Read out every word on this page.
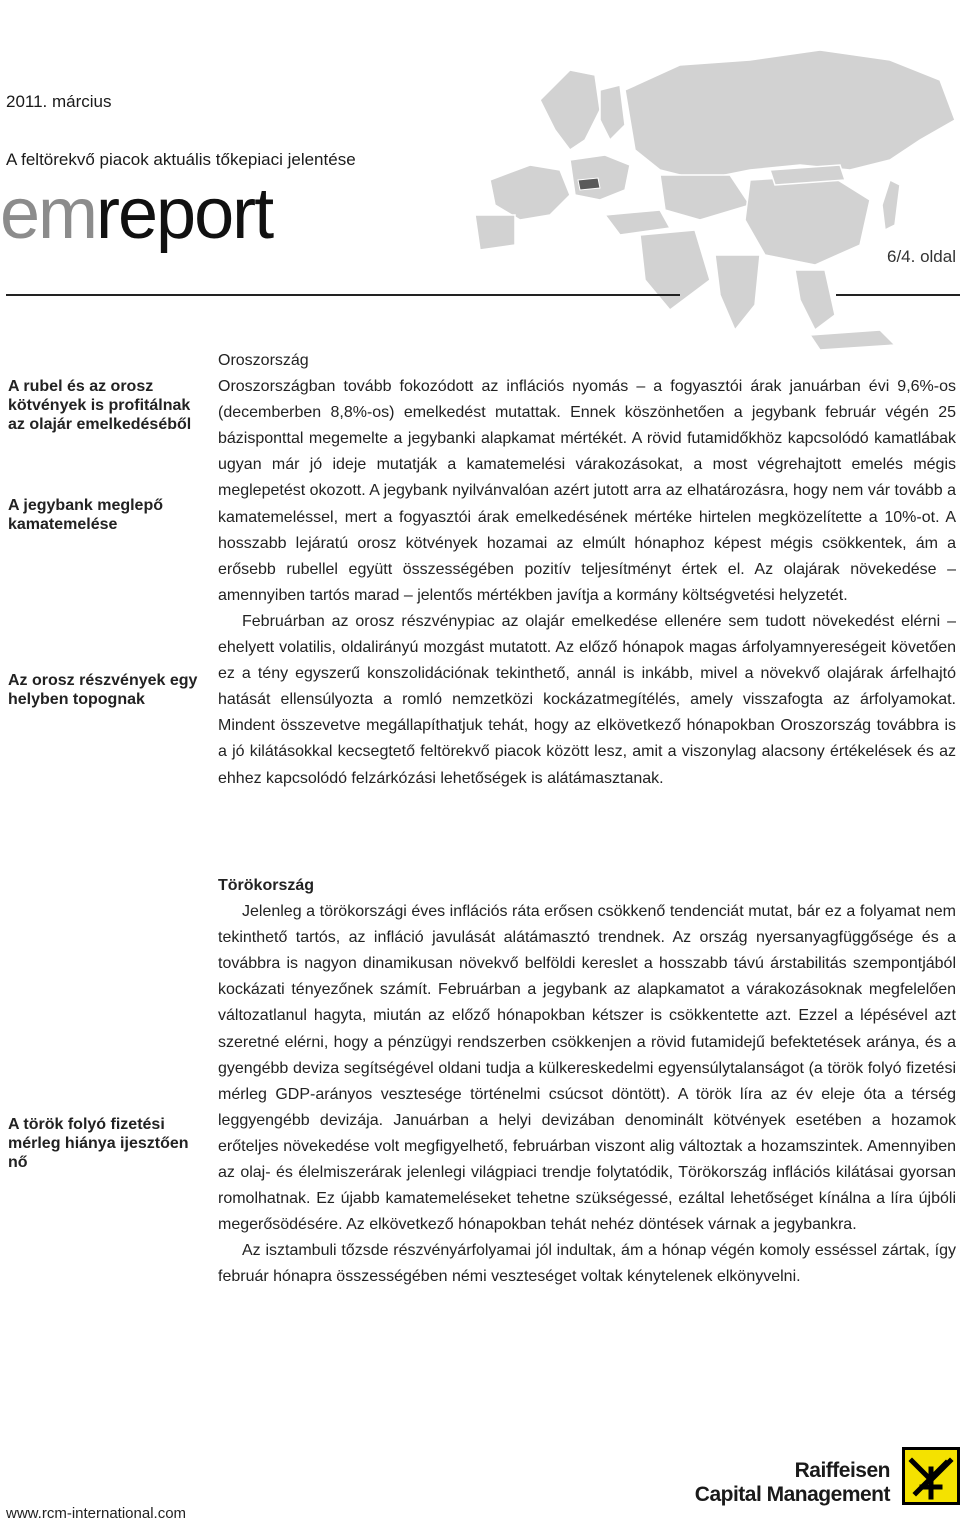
2011. március
A feltörekvő piacok aktuális tőkepiaci jelentése
emreport
6/4. oldal
A rubel és az orosz kötvények is profitálnak az olajár emelkedéséből
A jegybank meglepő kamatemelése
Az orosz részvények egy helyben topognak
A török folyó fizetési mérleg hiánya ijesztően nő
Oroszország

Oroszországban tovább fokozódott az inflációs nyomás – a fogyasztói árak januárban évi 9,6%-os (decemberben 8,8%-os) emelkedést mutattak. Ennek köszönhetően a jegybank február végén 25 bázisponttal megemelte a jegybanki alapkamat mértékét. A rövid futamidőkhöz kapcsolódó kamatlábak ugyan már jó ideje mutatják a kamatemelési várakozásokat, a most végrehajtott emelés mégis meglepetést okozott. A jegybank nyilvánvalóan azért jutott arra az elhatározásra, hogy nem vár tovább a kamatemeléssel, mert a fogyasztói árak emelkedésének mértéke hirtelen megközelítette a 10%-ot. A hosszabb lejáratú orosz kötvények hozamai az elmúlt hónaphoz képest mégis csökkentek, ám a erősebb rubellel együtt összességében pozitív teljesítményt értek el. Az olajárak növekedése – amennyiben tartós marad – jelentős mértékben javítja a kormány költségvetési helyzetét.

Februárban az orosz részvénypiac az olajár emelkedése ellenére sem tudott növekedést elérni – ehelyett volatilis, oldalirányú mozgást mutatott. Az előző hónapok magas árfolyamnyereségeit követően ez a tény egyszerű konszolidációnak tekinthető, annál is inkább, mivel a növekvő olajárak árfelhajtó hatását ellensúlyozta a romló nemzetközi kockázatmegítélés, amely visszafogta az árfolyamokat. Mindent összevetve megállapíthatjuk tehát, hogy az elkövetkező hónapokban Oroszország továbbra is a jó kilátásokkal kecsegtető feltörekvő piacok között lesz, amit a viszonylag alacsony értékelések és az ehhez kapcsolódó felzárkózási lehetőségek is alátámasztanak.

Törökország

Jelenleg a törökországi éves inflációs ráta erősen csökkenő tendenciát mutat, bár ez a folyamat nem tekinthető tartós, az infláció javulását alátámasztó trendnek. Az ország nyersanyagfüggősége és a továbbra is nagyon dinamikusan növekvő belföldi kereslet a hosszabb távú árstabilitás szempontjából kockázati tényezőnek számít. Februárban a jegybank az alapkamatot a várakozásoknak megfelelően változatlanul hagyta, miután az előző hónapokban kétszer is csökkentette azt. Ezzel a lépésével azt szeretné elérni, hogy a pénzügyi rendszerben csökkenjen a rövid futamidejű befektetések aránya, és a gyengébb deviza segítségével oldani tudja a külkereskedelmi egyensúlytalanságot (a török folyó fizetési mérleg GDP-arányos vesztesége történelmi csúcsot döntött). A török líra az év eleje óta a térség leggyengébb devizája. Januárban a helyi devizában denominált kötvények esetében a hozamok erőteljes növekedése volt megfigyelhető, februárban viszont alig változtak a hozamszintek. Amennyiben az olaj- és élelmiszerárak jelenlegi világpiaci trendje folytatódik, Törökország inflációs kilátásai gyorsan romolhatnak. Ez újabb kamatemeléseket tehetne szükségessé, ezáltal lehetőséget kínálna a líra újbóli megerősödésére. Az elkövetkező hónapokban tehát nehéz döntések várnak a jegybankra.

Az isztambuli tőzsde részvényárfolyamai jól indultak, ám a hónap végén komoly esséssel zártak, így február hónapra összességében némi veszteséget voltak kénytelenek elkönyvelni.

www.rcm-international.com
Raiffeisen
Capital Management
